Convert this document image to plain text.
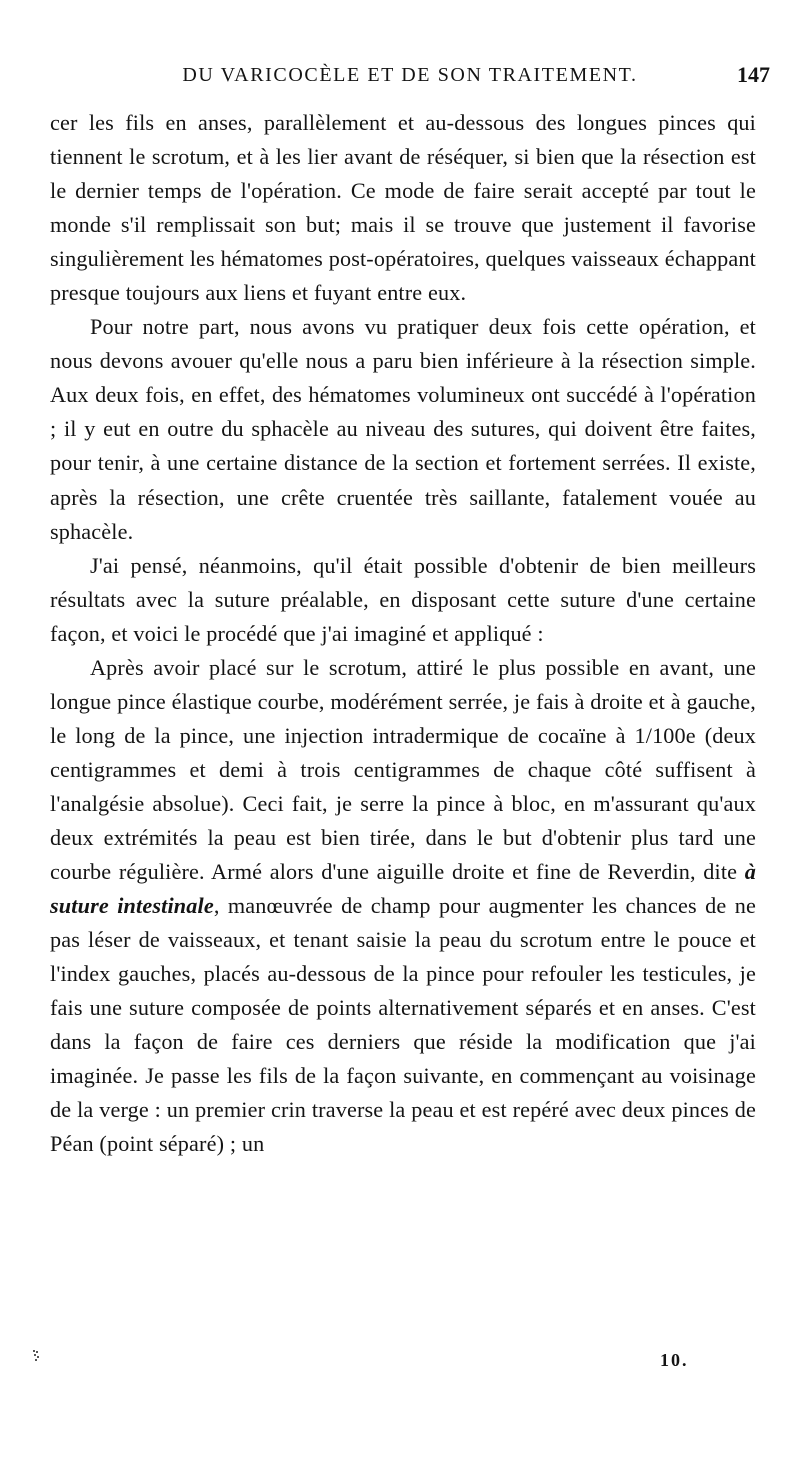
DU VARICOCÈLE ET DE SON TRAITEMENT.	147

cer les fils en anses, parallèlement et au-dessous des longues pinces qui tiennent le scrotum, et à les lier avant de réséquer, si bien que la résection est le dernier temps de l'opération. Ce mode de faire serait accepté par tout le monde s'il remplissait son but; mais il se trouve que justement il favorise singulièrement les hématomes post-opératoires, quelques vaisseaux échappant presque toujours aux liens et fuyant entre eux.

Pour notre part, nous avons vu pratiquer deux fois cette opération, et nous devons avouer qu'elle nous a paru bien inférieure à la résection simple. Aux deux fois, en effet, des hématomes volumineux ont succédé à l'opération ; il y eut en outre du sphacèle au niveau des sutures, qui doivent être faites, pour tenir, à une certaine distance de la section et fortement serrées. Il existe, après la résection, une crête cruentée très saillante, fatalement vouée au sphacèle.

J'ai pensé, néanmoins, qu'il était possible d'obtenir de bien meilleurs résultats avec la suture préalable, en disposant cette suture d'une certaine façon, et voici le procédé que j'ai imaginé et appliqué :

Après avoir placé sur le scrotum, attiré le plus possible en avant, une longue pince élastique courbe, modérément serrée, je fais à droite et à gauche, le long de la pince, une injection intradermique de cocaïne à 1/100e (deux centigrammes et demi à trois centigrammes de chaque côté suffisent à l'analgésie absolue). Ceci fait, je serre la pince à bloc, en m'assurant qu'aux deux extrémités la peau est bien tirée, dans le but d'obtenir plus tard une courbe régulière. Armé alors d'une aiguille droite et fine de Reverdin, dite à suture intestinale, manœuvrée de champ pour augmenter les chances de ne pas léser de vaisseaux, et tenant saisie la peau du scrotum entre le pouce et l'index gauches, placés au-dessous de la pince pour refouler les testicules, je fais une suture composée de points alternativement séparés et en anses. C'est dans la façon de faire ces derniers que réside la modification que j'ai imaginée. Je passe les fils de la façon suivante, en commençant au voisinage de la verge : un premier crin traverse la peau et est repéré avec deux pinces de Péan (point séparé) ; un

10.
